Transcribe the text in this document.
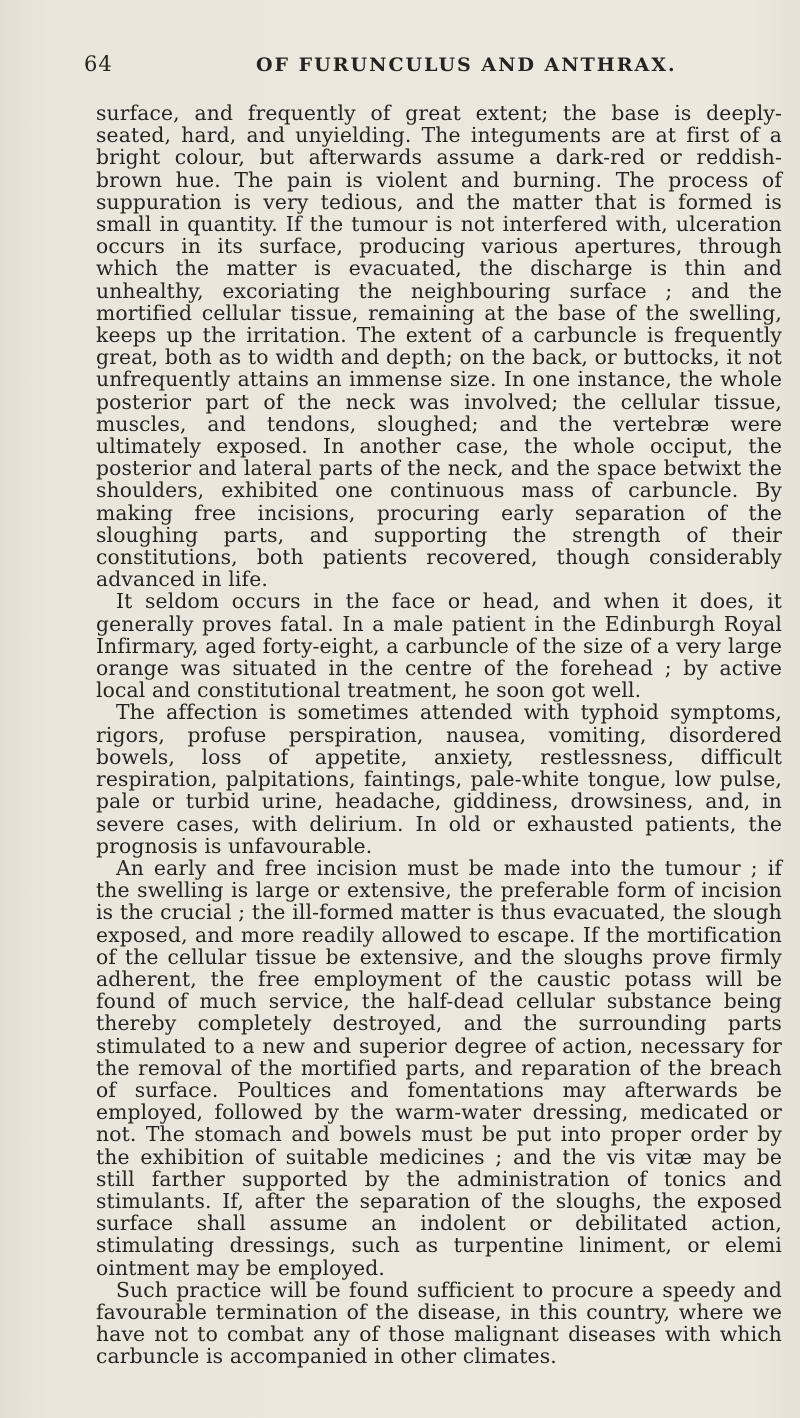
64	OF FURUNCULUS AND ANTHRAX.

surface, and frequently of great extent; the base is deeply-seated, hard, and unyielding. The integuments are at first of a bright colour, but afterwards assume a dark-red or reddish-brown hue. The pain is violent and burning. The process of suppuration is very tedious, and the matter that is formed is small in quantity. If the tumour is not interfered with, ulceration occurs in its surface, producing various apertures, through which the matter is evacuated, the discharge is thin and unhealthy, excoriating the neighbouring surface ; and the mortified cellular tissue, remaining at the base of the swelling, keeps up the irritation. The extent of a carbuncle is frequently great, both as to width and depth; on the back, or buttocks, it not unfrequently attains an immense size. In one instance, the whole posterior part of the neck was involved; the cellular tissue, muscles, and tendons, sloughed; and the vertebræ were ultimately exposed. In another case, the whole occiput, the posterior and lateral parts of the neck, and the space betwixt the shoulders, exhibited one continuous mass of carbuncle. By making free incisions, procuring early separation of the sloughing parts, and supporting the strength of their constitutions, both patients recovered, though considerably advanced in life.

It seldom occurs in the face or head, and when it does, it generally proves fatal. In a male patient in the Edinburgh Royal Infirmary, aged forty-eight, a carbuncle of the size of a very large orange was situated in the centre of the forehead ; by active local and constitutional treatment, he soon got well.

The affection is sometimes attended with typhoid symptoms, rigors, profuse perspiration, nausea, vomiting, disordered bowels, loss of appetite, anxiety, restlessness, difficult respiration, palpitations, faintings, pale-white tongue, low pulse, pale or turbid urine, headache, giddiness, drowsiness, and, in severe cases, with delirium. In old or exhausted patients, the prognosis is unfavourable.

An early and free incision must be made into the tumour ; if the swelling is large or extensive, the preferable form of incision is the crucial ; the ill-formed matter is thus evacuated, the slough exposed, and more readily allowed to escape. If the mortification of the cellular tissue be extensive, and the sloughs prove firmly adherent, the free employment of the caustic potass will be found of much service, the half-dead cellular substance being thereby completely destroyed, and the surrounding parts stimulated to a new and superior degree of action, necessary for the removal of the mortified parts, and reparation of the breach of surface. Poultices and fomentations may afterwards be employed, followed by the warm-water dressing, medicated or not. The stomach and bowels must be put into proper order by the exhibition of suitable medicines ; and the vis vitæ may be still farther supported by the administration of tonics and stimulants. If, after the separation of the sloughs, the exposed surface shall assume an indolent or debilitated action, stimulating dressings, such as turpentine liniment, or elemi ointment may be employed.

Such practice will be found sufficient to procure a speedy and favourable termination of the disease, in this country, where we have not to combat any of those malignant diseases with which carbuncle is accompanied in other climates.
